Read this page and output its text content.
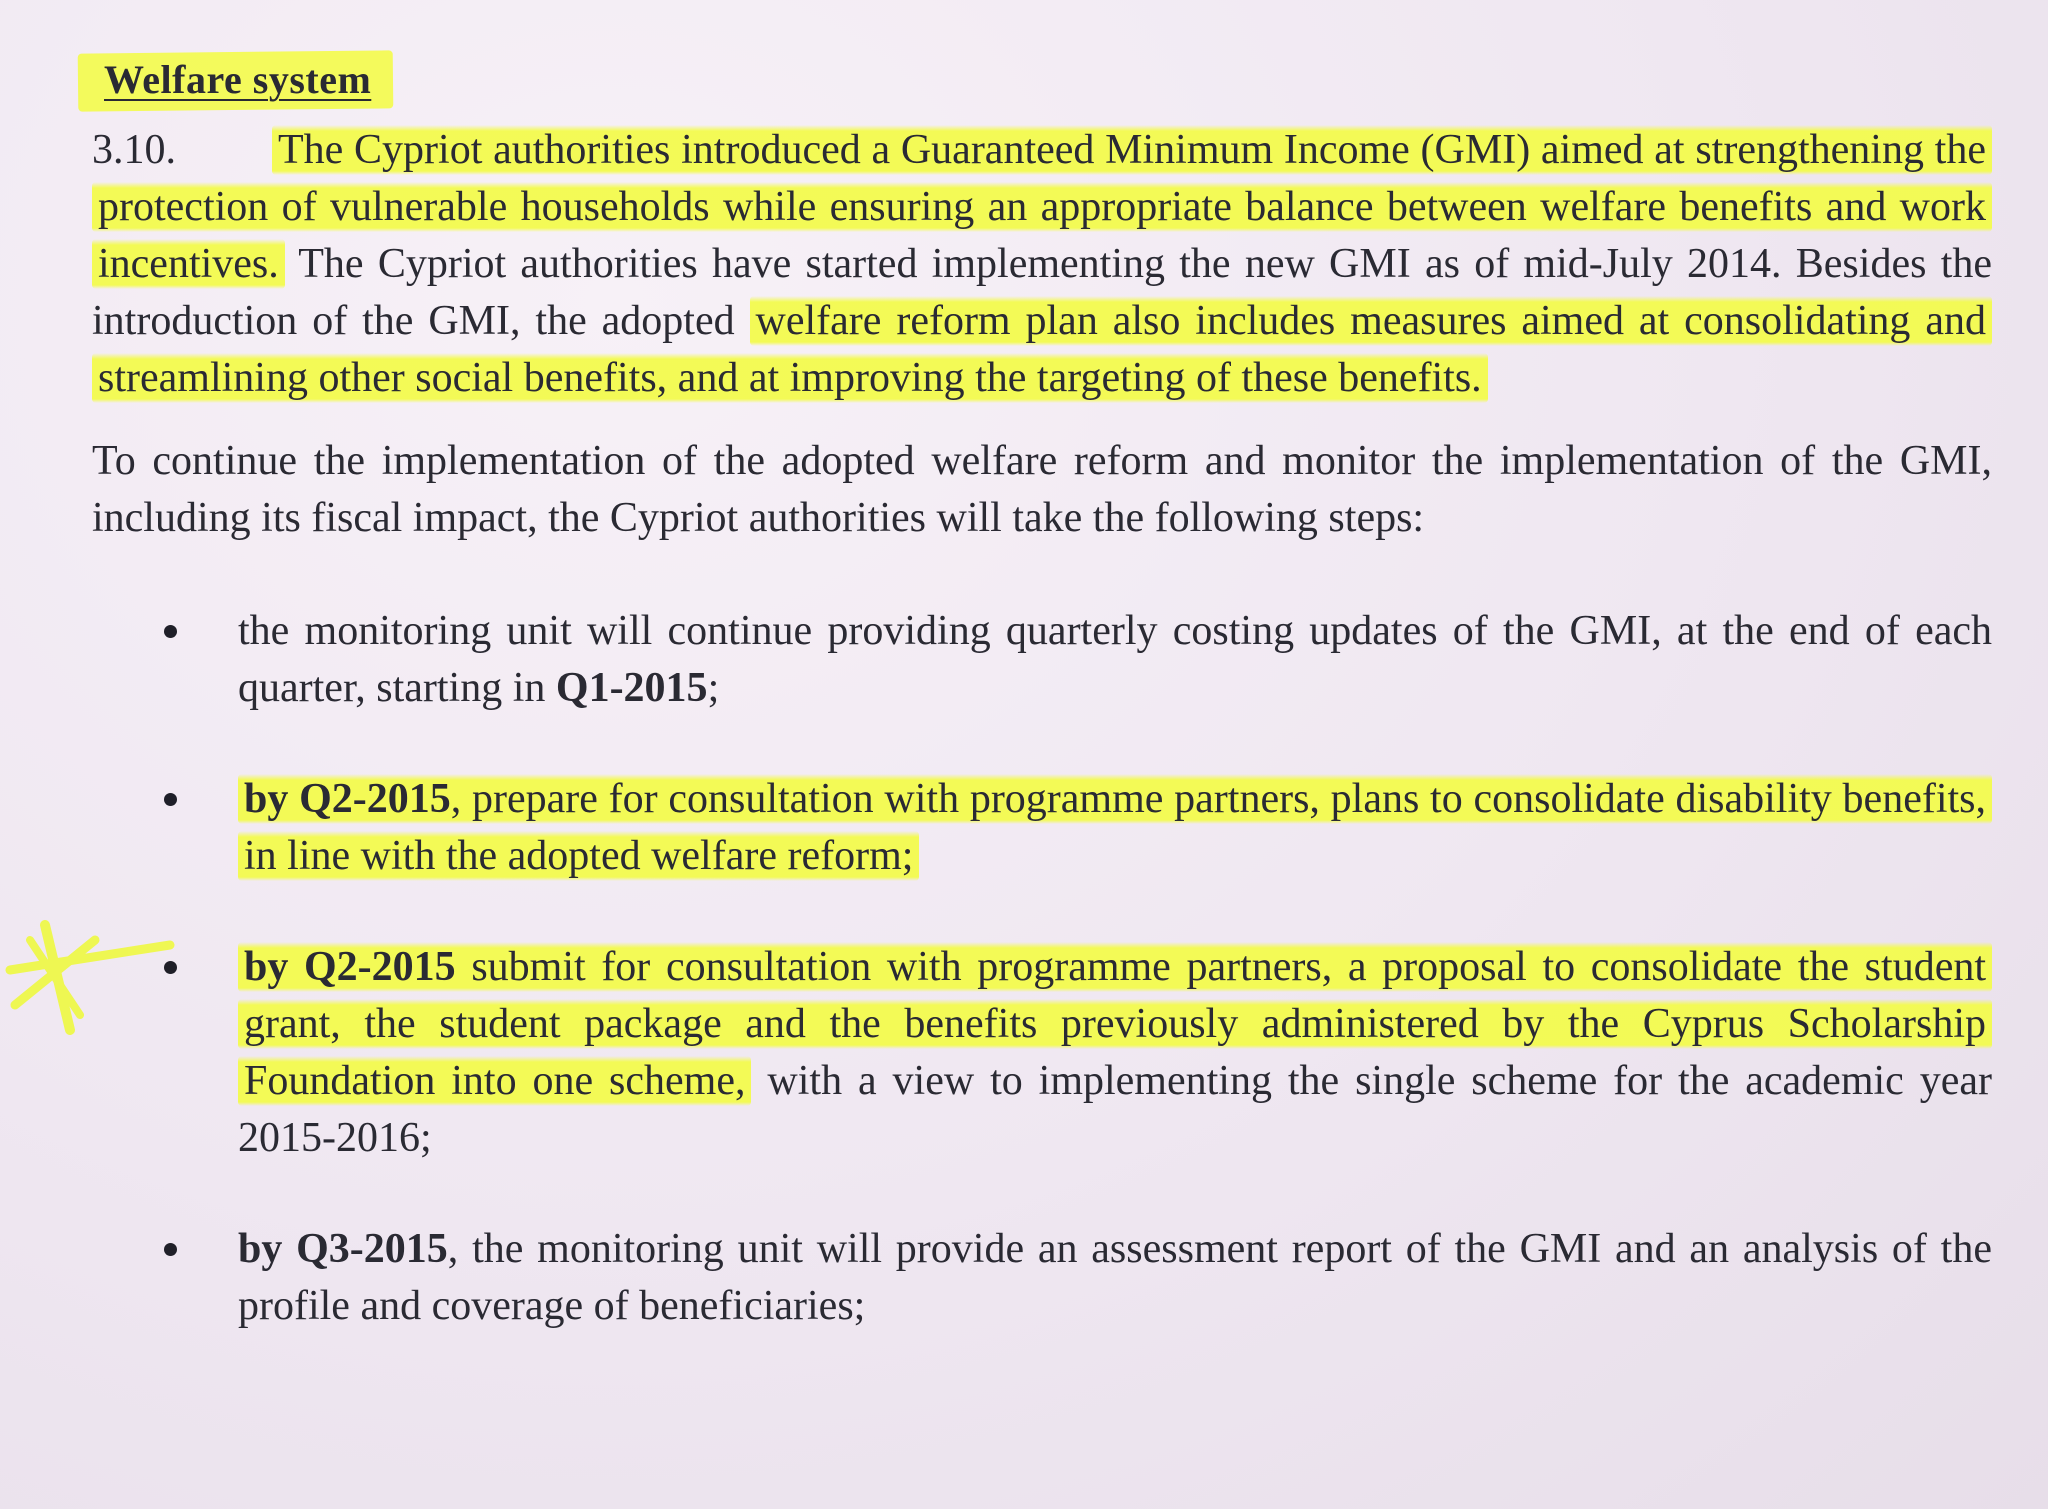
Welfare system

3.10. The Cypriot authorities introduced a Guaranteed Minimum Income (GMI) aimed at strengthening the protection of vulnerable households while ensuring an appropriate balance between welfare benefits and work incentives. The Cypriot authorities have started implementing the new GMI as of mid-July 2014. Besides the introduction of the GMI, the adopted welfare reform plan also includes measures aimed at consolidating and streamlining other social benefits, and at improving the targeting of these benefits.

To continue the implementation of the adopted welfare reform and monitor the implementation of the GMI, including its fiscal impact, the Cypriot authorities will take the following steps:

the monitoring unit will continue providing quarterly costing updates of the GMI, at the end of each quarter, starting in Q1-2015;
by Q2-2015, prepare for consultation with programme partners, plans to consolidate disability benefits, in line with the adopted welfare reform;
by Q2-2015 submit for consultation with programme partners, a proposal to consolidate the student grant, the student package and the benefits previously administered by the Cyprus Scholarship Foundation into one scheme, with a view to implementing the single scheme for the academic year 2015-2016;
by Q3-2015, the monitoring unit will provide an assessment report of the GMI and an analysis of the profile and coverage of beneficiaries;
